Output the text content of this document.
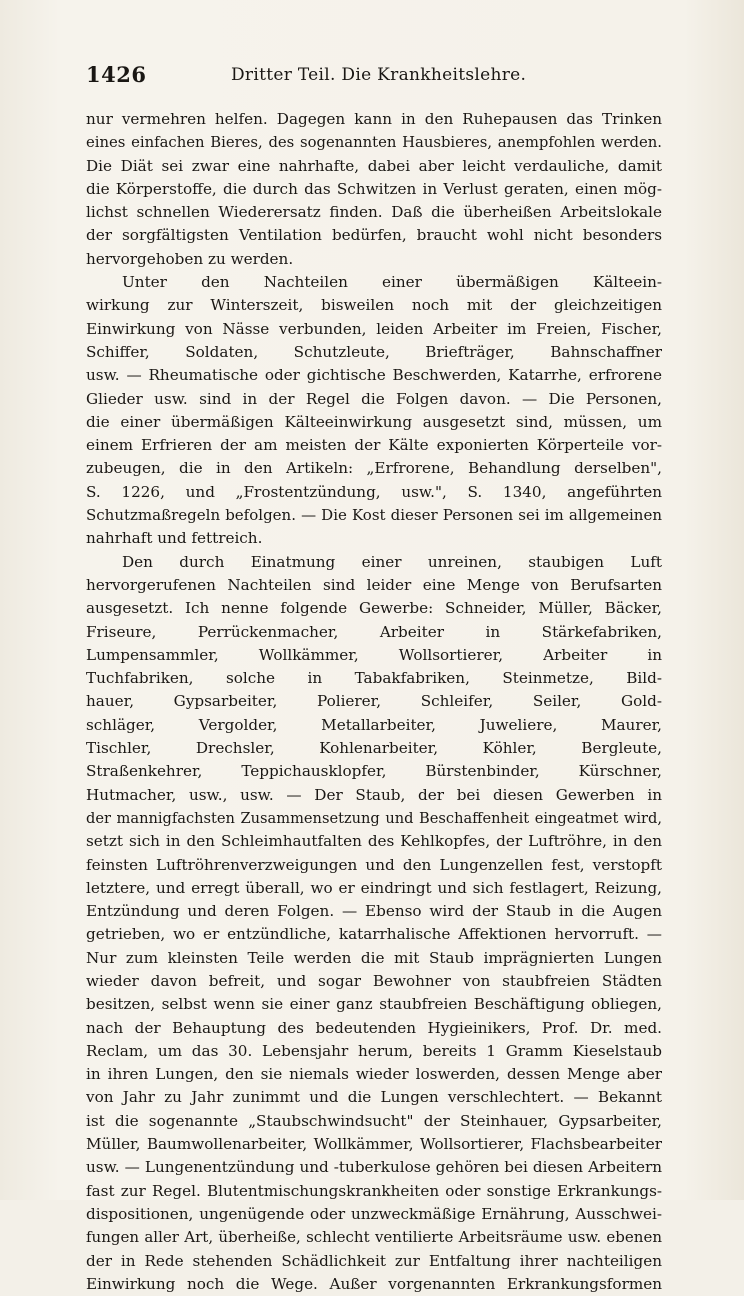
1426	Dritter Teil. Die Krankheitslehre.
nur vermehren helfen. Dagegen kann in den Ruhepausen das Trinken
eines einfachen Bieres, des sogenannten Hausbieres, anempfohlen werden.
Die Diät sei zwar eine nahrhafte, dabei aber leicht verdauliche, damit
die Körperstoffe, die durch das Schwitzen in Verlust geraten, einen mög-
lichst schnellen Wiederersatz finden. Daß die überheißen Arbeitslokale
der sorgfältigsten Ventilation bedürfen, braucht wohl nicht besonders
hervorgehoben zu werden.
Unter den Nachteilen einer übermäßigen Kälteein-
wirkung zur Winterszeit, bisweilen noch mit der gleichzeitigen
Einwirkung von Nässe verbunden, leiden Arbeiter im Freien, Fischer,
Schiffer, Soldaten, Schutzleute, Briefträger, Bahnschaffner
usw. — Rheumatische oder gichtische Beschwerden, Katarrhe, erfrorene
Glieder usw. sind in der Regel die Folgen davon. — Die Personen,
die einer übermäßigen Kälteeinwirkung ausgesetzt sind, müssen, um
einem Erfrieren der am meisten der Kälte exponierten Körperteile vor-
zubeugen, die in den Artikeln: „Erfrorene, Behandlung derselben",
S. 1226, und „Frostentzündung, usw.", S. 1340, angeführten
Schutzmaßregeln befolgen. — Die Kost dieser Personen sei im allgemeinen
nahrhaft und fettreich.
Den durch Einatmung einer unreinen, staubigen Luft
hervorgerufenen Nachteilen sind leider eine Menge von Berufsarten
ausgesetzt. Ich nenne folgende Gewerbe: Schneider, Müller, Bäcker,
Friseure, Perrückenmacher, Arbeiter in Stärkefabriken,
Lumpensammler, Wollkämmer, Wollsortierer, Arbeiter in
Tuchfabriken, solche in Tabakfabriken, Steinmetze, Bild-
hauer, Gypsarbeiter, Polierer, Schleifer, Seiler, Gold-
schläger, Vergolder, Metallarbeiter, Juweliere, Maurer,
Tischler, Drechsler, Kohlenarbeiter, Köhler, Bergleute,
Straßenkehrer, Teppichausklopfer, Bürstenbinder, Kürschner,
Hutmacher, usw., usw. — Der Staub, der bei diesen Gewerben in
der mannigfachsten Zusammensetzung und Beschaffenheit eingeatmet wird,
setzt sich in den Schleimhautfalten des Kehlkopfes, der Luftröhre, in den
feinsten Luftröhrenverzweigungen und den Lungenzellen fest, verstopft
letztere, und erregt überall, wo er eindringt und sich festlagert, Reizung,
Entzündung und deren Folgen. — Ebenso wird der Staub in die Augen
getrieben, wo er entzündliche, katarrhalische Affektionen hervorruft. —
Nur zum kleinsten Teile werden die mit Staub imprägnierten Lungen
wieder davon befreit, und sogar Bewohner von staubfreien Städten
besitzen, selbst wenn sie einer ganz staubfreien Beschäftigung obliegen,
nach der Behauptung des bedeutenden Hygieinikers, Prof. Dr. med.
Reclam, um das 30. Lebensjahr herum, bereits 1 Gramm Kieselstaub
in ihren Lungen, den sie niemals wieder loswerden, dessen Menge aber
von Jahr zu Jahr zunimmt und die Lungen verschlechtert. — Bekannt
ist die sogenannte „Staubschwindsucht" der Steinhauer, Gypsarbeiter,
Müller, Baumwollenarbeiter, Wollkämmer, Wollsortierer, Flachsbearbeiter
usw. — Lungenentzündung und -tuberkulose gehören bei diesen Arbeitern
fast zur Regel. Blutentmischungskrankheiten oder sonstige Erkrankungs-
dispositionen, ungenügende oder unzweckmäßige Ernährung, Ausschwei-
fungen aller Art, überheiße, schlecht ventilierte Arbeitsräume usw. ebenen
der in Rede stehenden Schädlichkeit zur Entfaltung ihrer nachteiligen
Einwirkung noch die Wege. Außer vorgenannten Erkrankungsformen
